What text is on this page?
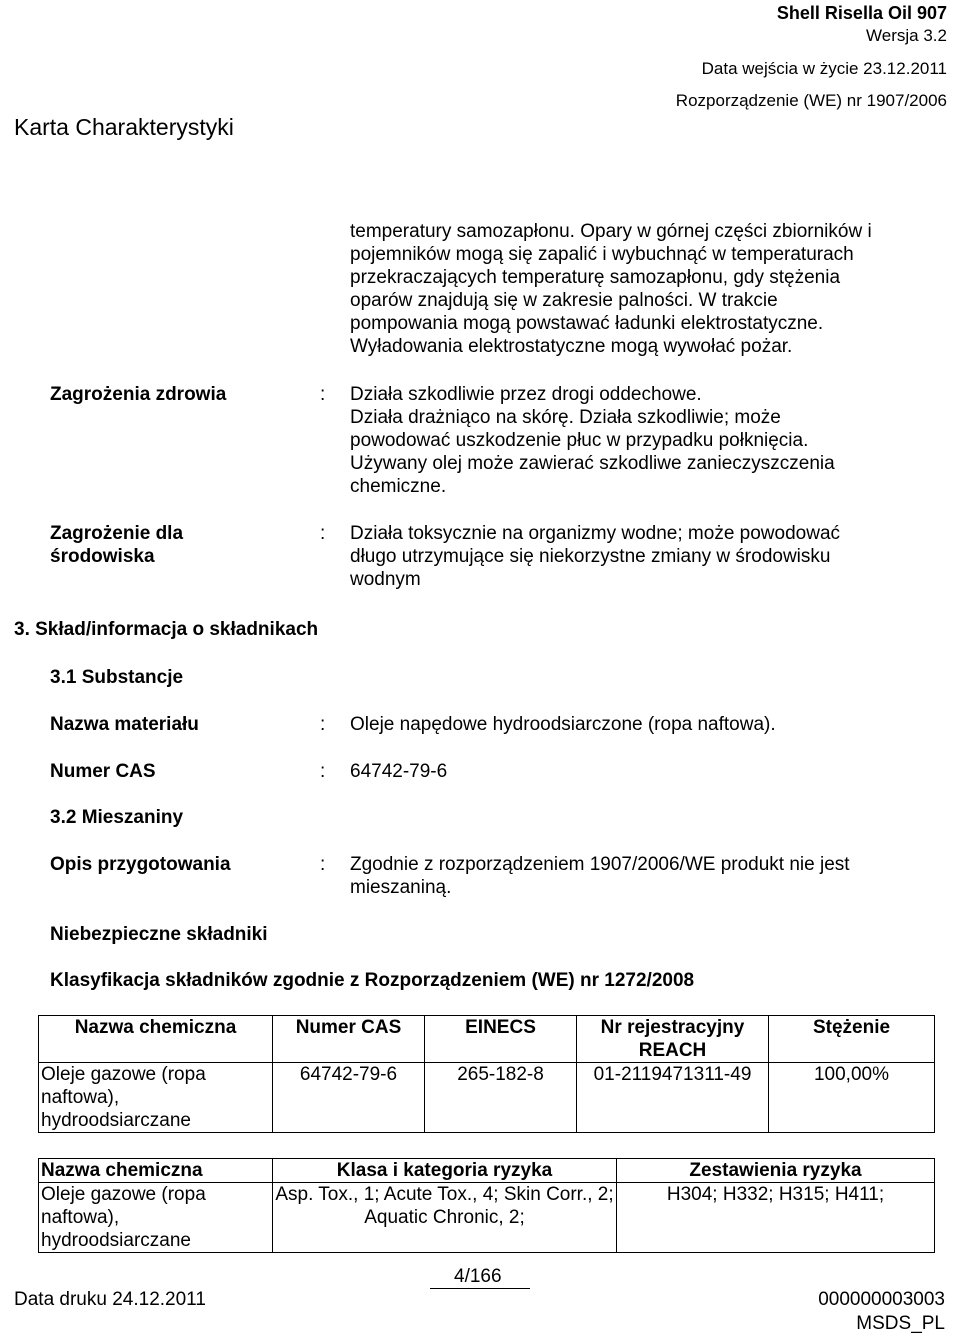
Shell Risella Oil 907
Wersja 3.2
Data wejścia w życie 23.12.2011
Rozporządzenie (WE) nr 1907/2006
Karta Charakterystyki
temperatury samozapłonu. Opary w górnej części zbiorników i
pojemników mogą się zapalić i wybuchnąć w temperaturach
przekraczających temperaturę samozapłonu, gdy stężenia
oparów znajdują się w zakresie palności. W trakcie
pompowania mogą powstawać ładunki elektrostatyczne.
Wyładowania elektrostatyczne mogą wywołać pożar.
Zagrożenia zdrowia	: Działa szkodliwie przez drogi oddechowe.
Działa drażniąco na skórę. Działa szkodliwie; może
powodować uszkodzenie płuc w przypadku połknięcia.
Używany olej może zawierać szkodliwe zanieczyszczenia
chemiczne.
Zagrożenie dla
środowiska
: Działa toksycznie na organizmy wodne; może powodować
długo utrzymujące się niekorzystne zmiany w środowisku
wodnym
3. Skład/informacja o składnikach
3.1 Substancje
Nazwa materiału	: Oleje napędowe hydroodsiarczone (ropa naftowa).
Numer CAS	: 64742-79-6
3.2 Mieszaniny
Opis przygotowania	: Zgodnie z rozporządzeniem 1907/2006/WE produkt nie jest
mieszaniną.
Niebezpieczne składniki
Klasyfikacja składników zgodnie z Rozporządzeniem (WE) nr 1272/2008
Nazwa chemiczna	Numer CAS	EINECS	Nr rejestracyjny REACH	Stężenie
Oleje gazowe (ropa naftowa), hydroodsiarczane	64742-79-6	265-182-8	01-2119471311-49	100,00%
Nazwa chemiczna	Klasa i kategoria ryzyka	Zestawienia ryzyka
Oleje gazowe (ropa naftowa), hydroodsiarczane	Asp. Tox., 1; Acute Tox., 4; Skin Corr., 2; Aquatic Chronic, 2;	H304; H332; H315; H411;
4/166
Data druku 24.12.2011	000000003003
MSDS_PL
